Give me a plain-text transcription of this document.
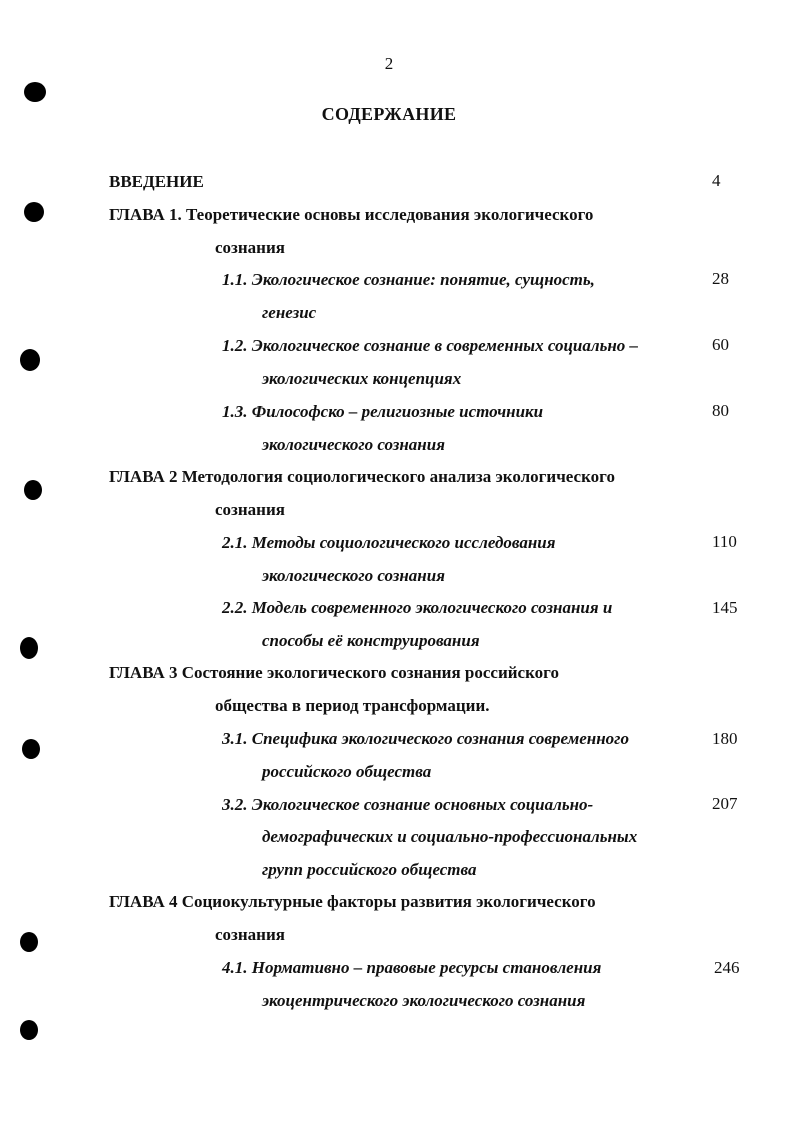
2
СОДЕРЖАНИЕ
ВВЕДЕНИЕ	4
ГЛАВА 1. Теоретические основы исследования экологического
сознания
1.1. Экологическое сознание: понятие, сущность,
генезис
28
1.2. Экологическое сознание в современных социально –
экологических концепциях
60
1.3. Философско – религиозные источники
экологического сознания
80
ГЛАВА 2 Методология социологического анализа экологического
сознания
2.1. Методы социологического исследования
экологического сознания
110
2.2. Модель современного экологического сознания и
способы её конструирования
145
ГЛАВА 3 Состояние экологического сознания российского
общества в период трансформации.
3.1. Специфика экологического сознания современного
российского общества
180
3.2. Экологическое сознание основных социально-
демографических и социально-профессиональных
групп российского общества
207
ГЛАВА 4 Социокультурные факторы развития экологического
сознания
4.1. Нормативно – правовые ресурсы становления
экоцентрического экологического сознания
246
